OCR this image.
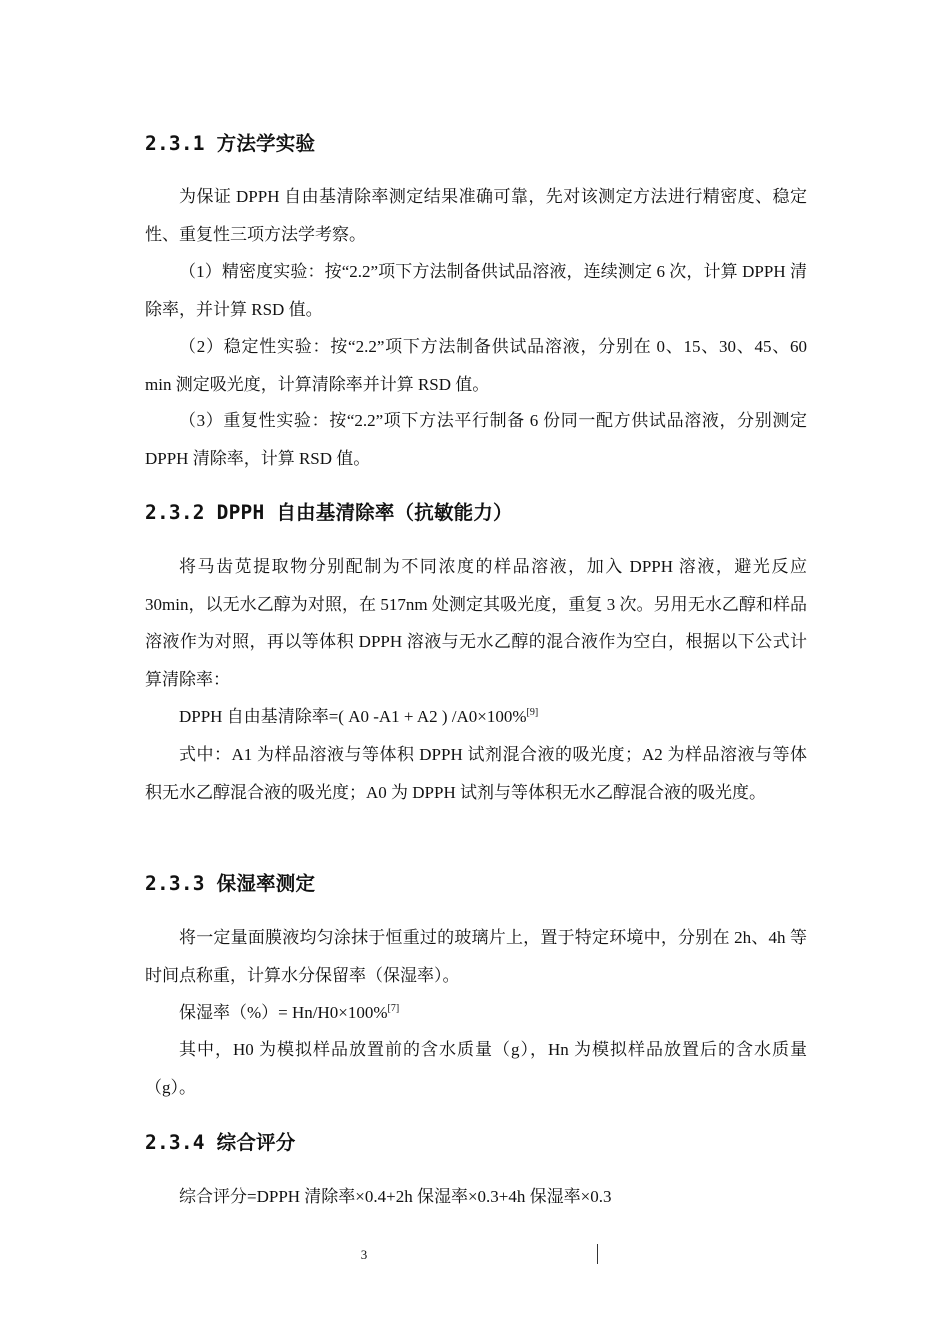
2.3.1 方法学实验
为保证 DPPH 自由基清除率测定结果准确可靠，先对该测定方法进行精密度、稳定性、重复性三项方法学考察。
（1）精密度实验：按“2.2”项下方法制备供试品溶液，连续测定 6 次，计算 DPPH 清除率，并计算 RSD 值。
（2）稳定性实验：按“2.2”项下方法制备供试品溶液，分别在 0、15、30、45、60 min 测定吸光度，计算清除率并计算 RSD 值。
（3）重复性实验：按“2.2”项下方法平行制备 6 份同一配方供试品溶液，分别测定 DPPH 清除率，计算 RSD 值。
2.3.2 DPPH 自由基清除率（抗敏能力）
将马齿苋提取物分别配制为不同浓度的样品溶液，加入 DPPH 溶液，避光反应 30min，以无水乙醇为对照，在 517nm 处测定其吸光度，重复 3 次。另用无水乙醇和样品溶液作为对照，再以等体积 DPPH 溶液与无水乙醇的混合液作为空白，根据以下公式计算清除率：
DPPH 自由基清除率=( A0 -A1 + A2 ) /A0×100%[9]
式中：A1 为样品溶液与等体积 DPPH 试剂混合液的吸光度；A2 为样品溶液与等体积无水乙醇混合液的吸光度；A0 为 DPPH 试剂与等体积无水乙醇混合液的吸光度。
2.3.3 保湿率测定
将一定量面膜液均匀涂抹于恒重过的玻璃片上，置于特定环境中，分别在 2h、4h 等时间点称重，计算水分保留率（保湿率）。
保湿率（%）= Hn/H0×100%[7]
其中，H0 为模拟样品放置前的含水质量（g），Hn 为模拟样品放置后的含水质量（g）。
2.3.4 综合评分
综合评分=DPPH 清除率×0.4+2h 保湿率×0.3+4h 保湿率×0.3
3
